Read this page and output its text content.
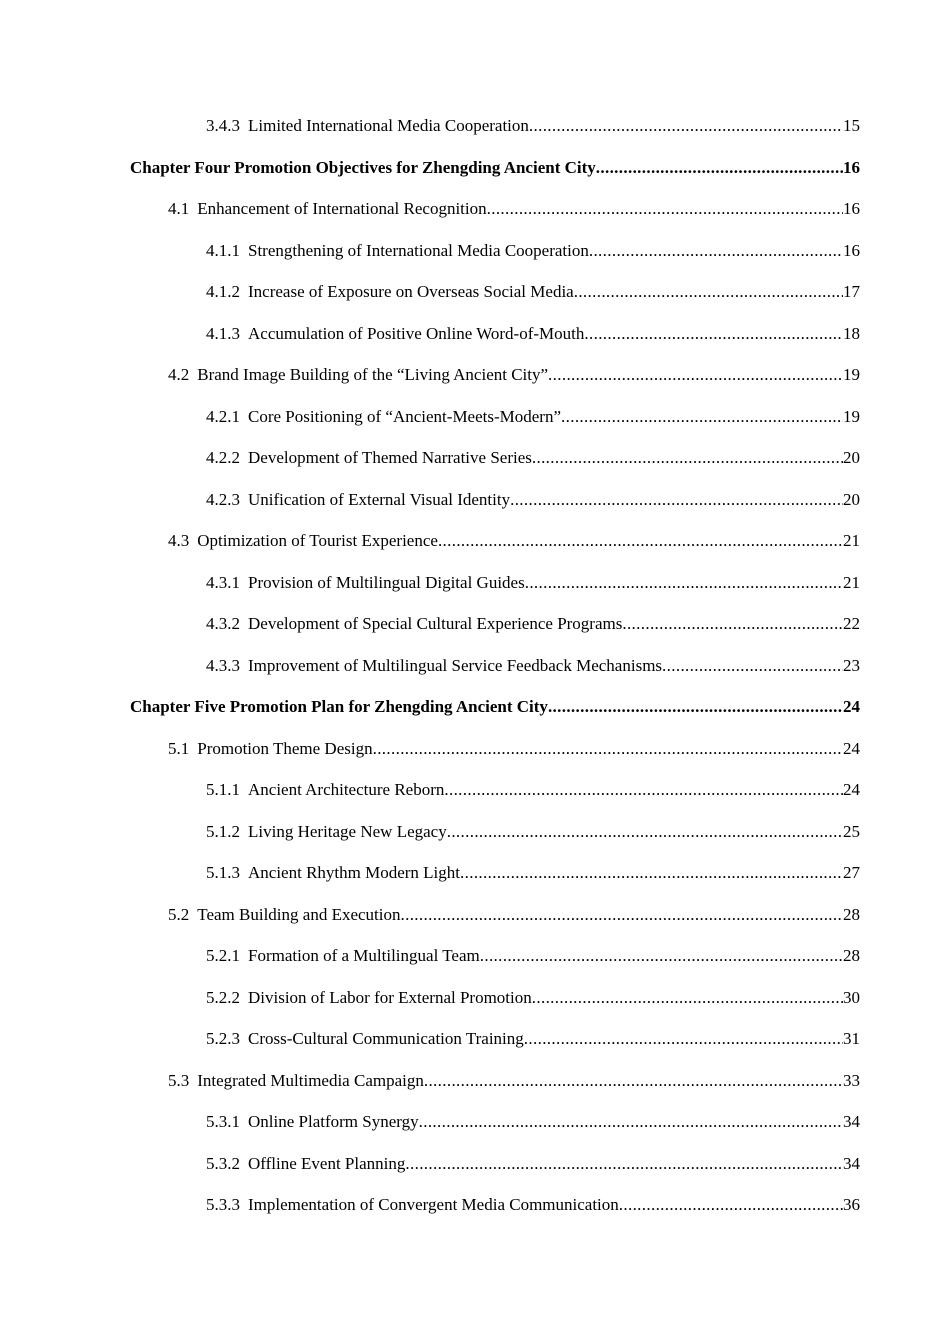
3.4.3 Limited International Media Cooperation .....	15
Chapter Four Promotion Objectives for Zhengding Ancient City .....	16
4.1 Enhancement of International Recognition .....	16
4.1.1 Strengthening of International Media Cooperation .....	16
4.1.2 Increase of Exposure on Overseas Social Media .....	17
4.1.3 Accumulation of Positive Online Word-of-Mouth .....	18
4.2 Brand Image Building of the “Living Ancient City” .....	19
4.2.1 Core Positioning of “Ancient-Meets-Modern” .....	19
4.2.2 Development of Themed Narrative Series .....	20
4.2.3 Unification of External Visual Identity .....	20
4.3 Optimization of Tourist Experience .....	21
4.3.1 Provision of Multilingual Digital Guides .....	21
4.3.2 Development of Special Cultural Experience Programs .....	22
4.3.3 Improvement of Multilingual Service Feedback Mechanisms .....	23
Chapter Five Promotion Plan for Zhengding Ancient City .....	24
5.1 Promotion Theme Design .....	24
5.1.1 Ancient Architecture Reborn .....	24
5.1.2 Living Heritage New Legacy .....	25
5.1.3 Ancient Rhythm Modern Light .....	27
5.2 Team Building and Execution .....	28
5.2.1 Formation of a Multilingual Team .....	28
5.2.2 Division of Labor for External Promotion .....	30
5.2.3 Cross-Cultural Communication Training .....	31
5.3 Integrated Multimedia Campaign .....	33
5.3.1 Online Platform Synergy .....	34
5.3.2 Offline Event Planning .....	34
5.3.3 Implementation of Convergent Media Communication .....	36
